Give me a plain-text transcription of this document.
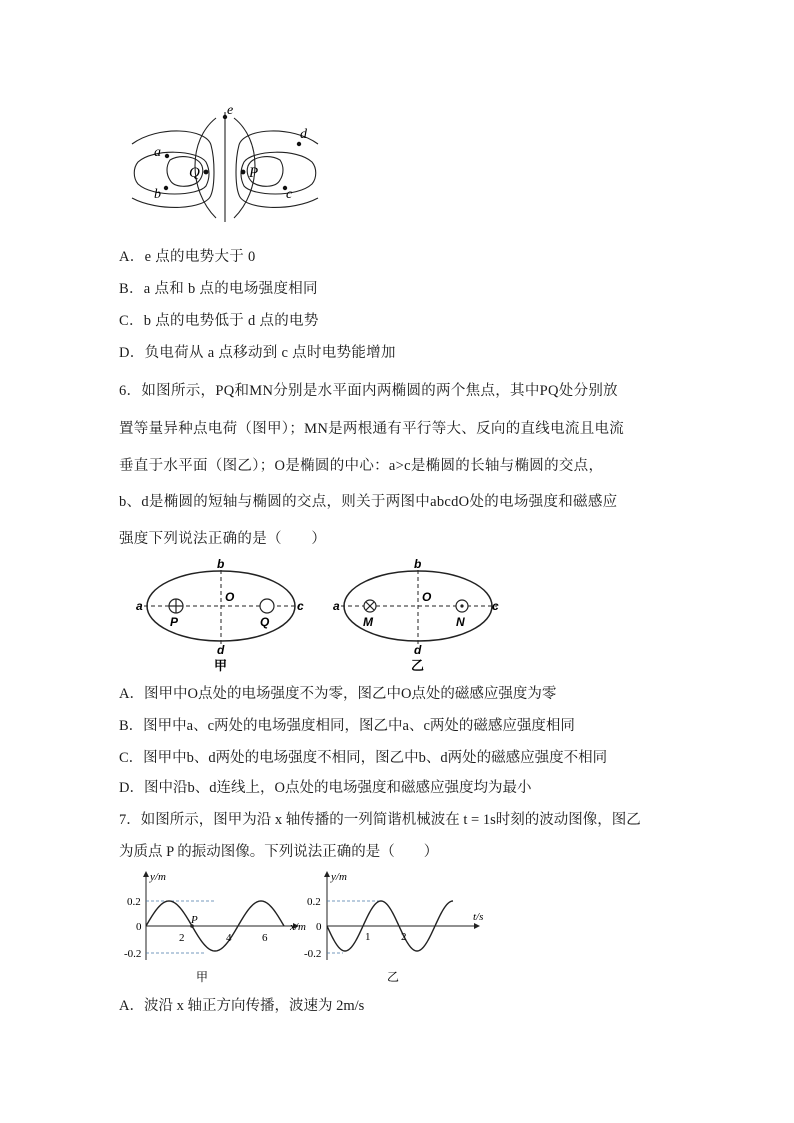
e
d
a
b	c
Q	P
A．e 点的电势大于 0
B．a 点和 b 点的电场强度相同
C．b 点的电势低于 d 点的电势
D．负电荷从 a 点移动到 c 点时电势能增加
6．如图所示，PQ和MN分别是水平面内两椭圆的两个焦点，其中PQ处分别放
置等量异种点电荷（图甲）；MN是两根通有平行等大、反向的直线电流且电流
垂直于水平面（图乙）；O是椭圆的中心：a>c是椭圆的长轴与椭圆的交点，
b、d是椭圆的短轴与椭圆的交点，则关于两图中abcdO处的电场强度和磁感应
强度下列说法正确的是（　　）
a
b
c
d
O
P	Q
甲
a
b
c
d
O
M	N
乙
A．图甲中O点处的电场强度不为零，图乙中O点处的磁感应强度为零
B．图甲中a、c两处的电场强度相同，图乙中a、c两处的磁感应强度相同
C．图甲中b、d两处的电场强度不相同，图乙中b、d两处的磁感应强度不相同
D．图中沿b、d连线上，O点处的电场强度和磁感应强度均为最小
7．如图所示，图甲为沿 x 轴传播的一列简谐机械波在 t = 1s时刻的波动图像，图乙
为质点 P 的振动图像。下列说法正确的是（　　）
y/m
x/m
P
0.2
0
-0.2
2	4	6
甲
y/m
t/s
0.2
0
-0.2
1	2
乙
A．波沿 x 轴正方向传播，波速为 2m/s
